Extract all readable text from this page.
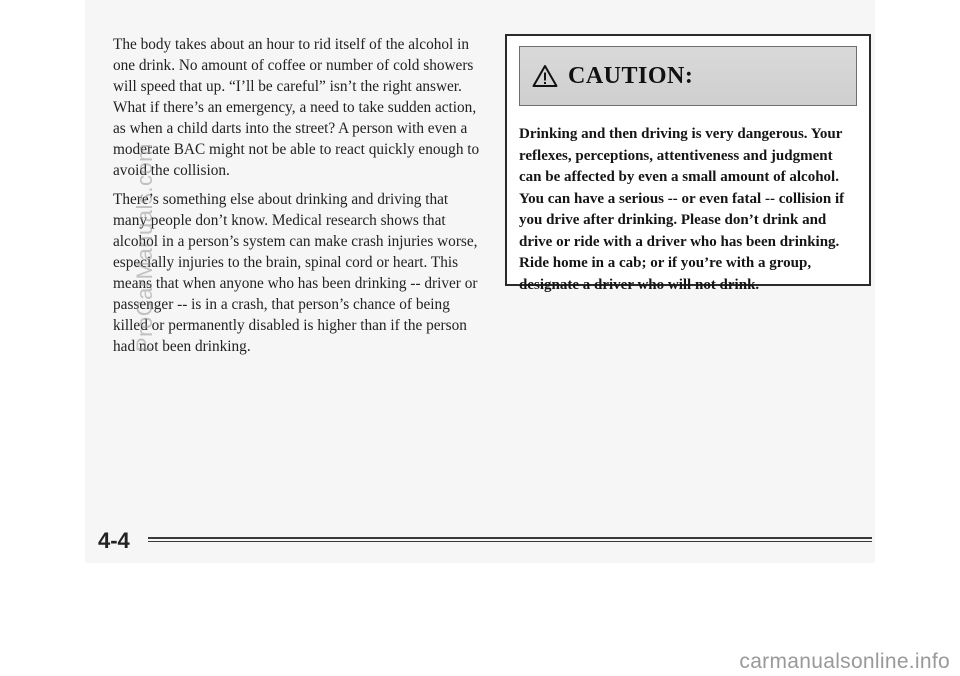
The body takes about an hour to rid itself of the alcohol in one drink. No amount of coffee or number of cold showers will speed that up. “I’ll be careful” isn’t the right answer. What if there’s an emergency, a need to take sudden action, as when a child darts into the street? A person with even a moderate BAC might not be able to react quickly enough to avoid the collision.

There’s something else about drinking and driving that many people don’t know. Medical research shows that alcohol in a person’s system can make crash injuries worse, especially injuries to the brain, spinal cord or heart. This means that when anyone who has been drinking -- driver or passenger -- is in a crash, that person’s chance of being killed or permanently disabled is higher than if the person had not been drinking.

CAUTION:
Drinking and then driving is very dangerous. Your reflexes, perceptions, attentiveness and judgment can be affected by even a small amount of alcohol. You can have a serious -- or even fatal -- collision if you drive after drinking. Please don’t drink and drive or ride with a driver who has been drinking. Ride home in a cab; or if you’re with a group, designate a driver who will not drink.
4-4
ProCarManuals.com
carmanualsonline.info
